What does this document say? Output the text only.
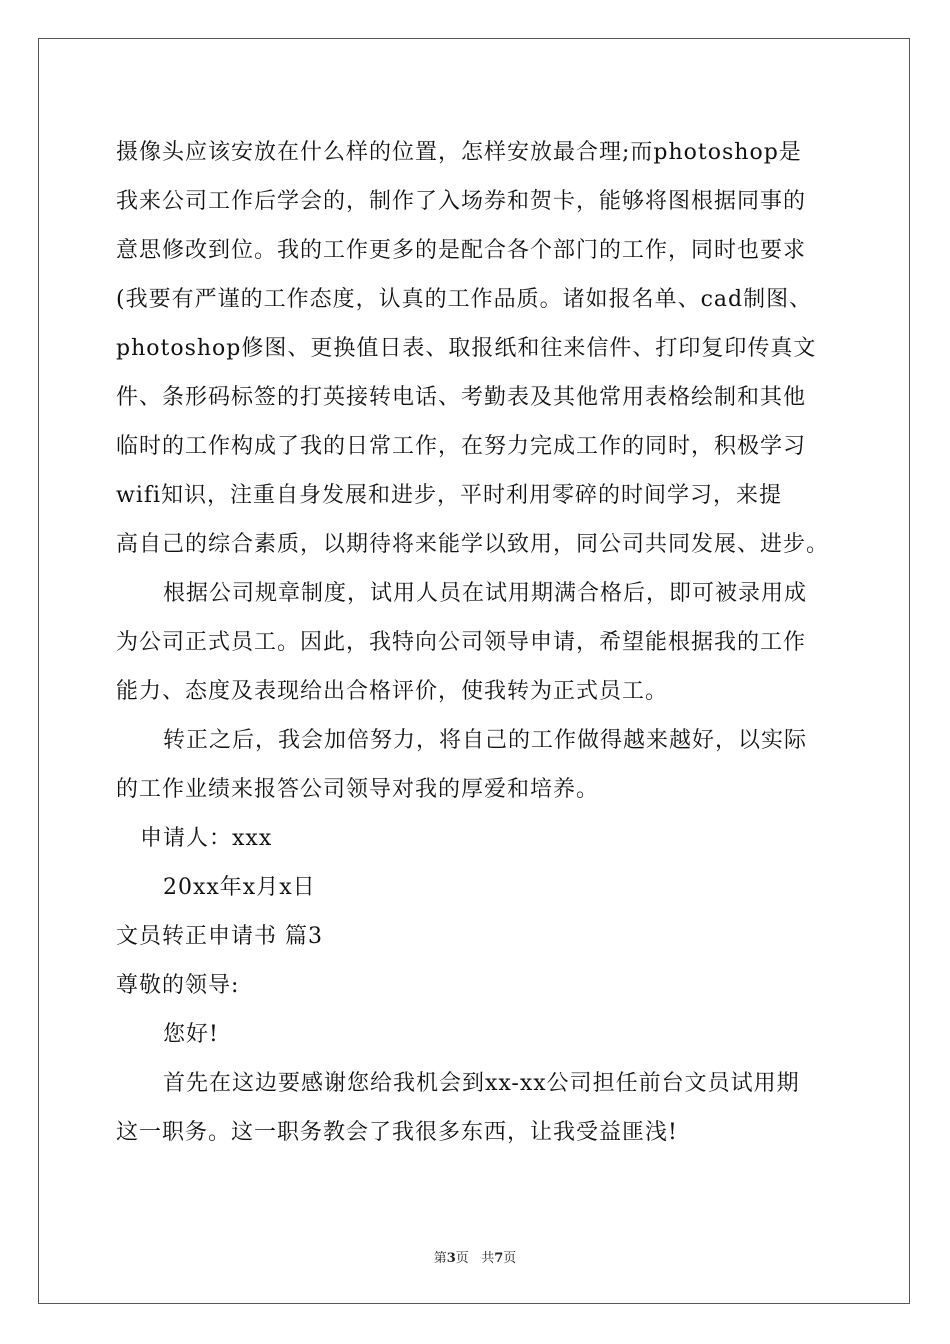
摄像头应该安放在什么样的位置，怎样安放最合理;而photoshop是
我来公司工作后学会的，制作了入场券和贺卡，能够将图根据同事的
意思修改到位。我的工作更多的是配合各个部门的工作，同时也要求
(我要有严谨的工作态度，认真的工作品质。诸如报名单、cad制图、
photoshop修图、更换值日表、取报纸和往来信件、打印复印传真文
件、条形码标签的打英接转电话、考勤表及其他常用表格绘制和其他
临时的工作构成了我的日常工作，在努力完成工作的同时，积极学习
wifi知识，注重自身发展和进步，平时利用零碎的时间学习，来提
高自己的综合素质，以期待将来能学以致用，同公司共同发展、进步。
根据公司规章制度，试用人员在试用期满合格后，即可被录用成
为公司正式员工。因此，我特向公司领导申请，希望能根据我的工作
能力、态度及表现给出合格评价，使我转为正式员工。
转正之后，我会加倍努力，将自己的工作做得越来越好，以实际
的工作业绩来报答公司领导对我的厚爱和培养。
申请人：xxx
20xx年x月x日
文员转正申请书 篇3
尊敬的领导:
您好!
首先在这边要感谢您给我机会到xx-xx公司担任前台文员试用期
这一职务。这一职务教会了我很多东西，让我受益匪浅!
第3页   共7页
